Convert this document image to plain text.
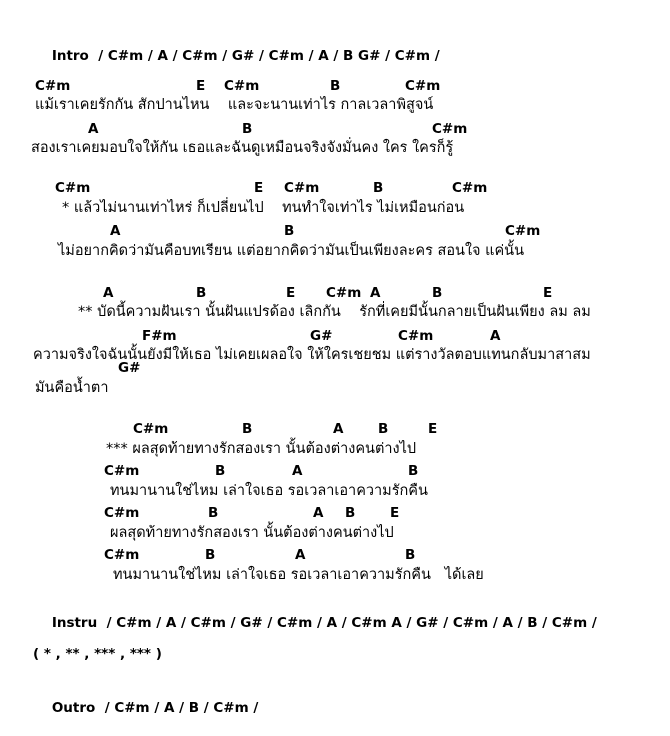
Intro / C#m / A / C#m / G# / C#m / A / B G# / C#m /

C#m	E C#m	B	C#m
แม้เราเคยรักกัน สักปานไหน    และจะนานเท่าไร กาลเวลาพิสูจน์
A	B	C#m
สองเราเคยมอบใจให้กัน เธอและฉันดูเหมือนจริงจังมั่นคง ใคร ใครก็รู้
C#m	E C#m	B	C#m
* แล้วไม่นานเท่าไหร่ ก็เปลี่ยนไป    ทนทำใจเท่าไร ไม่เหมือนก่อน
A	B	C#m
ไม่อยากคิดว่ามันคือบทเรียน แต่อยากคิดว่ามันเป็นเพียงละคร สอนใจ แค่นั้น
A	B	E C#m A	B	E
** บัดนี้ความฝันเรา นั้นฝันแปรด้อง เลิกกัน    รักที่เคยมีนั้นกลายเป็นฝันเพียง ลม ลม
F#m	G#	C#m	A
ความจริงใจฉันนั้นยังมีให้เธอ ไม่เคยเผลอใจ ให้ใครเชยชม แต่รางวัลตอบแทนกลับมาสาสม
G#
มันคือน้ำตา
C#m	B	A	B	E
*** ผลสุดท้ายทางรักสองเรา นั้นต้องต่างคนต่างไป
C#m	B	A	B
ทนมานานใช่ไหม เล่าใจเธอ รอเวลาเอาความรักคืน
C#m	B	A B	E
ผลสุดท้ายทางรักสองเรา นั้นต้องต่างคนต่างไป
C#m	B	A	B
ทนมานานใช่ไหม เล่าใจเธอ รอเวลาเอาความรักคืน   ได้เลย

Instru / C#m / A / C#m / G# / C#m / A / C#m A / G# / C#m / A / B / C#m /

( * , ** , *** , *** )

Outro / C#m / A / B / C#m /
